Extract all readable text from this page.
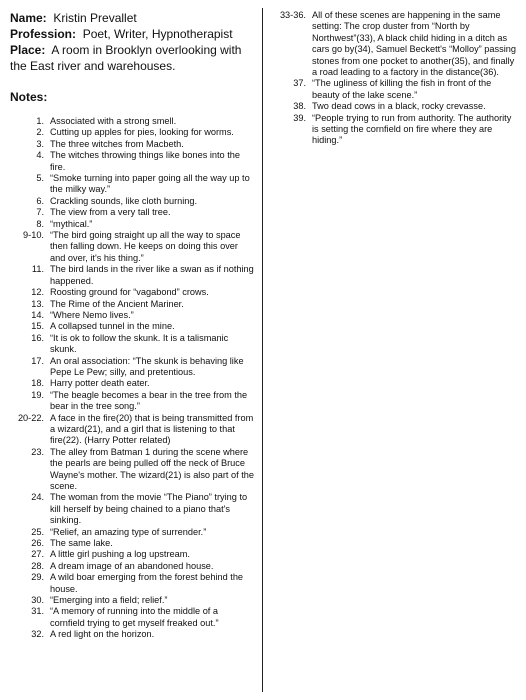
Name: Kristin Prevallet
Profession: Poet, Writer, Hypnotherapist
Place: A room in Brooklyn overlooking with the East river and warehouses.
Notes:
1. Associated with a strong smell.
2. Cutting up apples for pies, looking for worms.
3. The three witches from Macbeth.
4. The witches throwing things like bones into the fire.
5. “Smoke turning into paper going all the way up to the milky way.”
6. Crackling sounds, like cloth burning.
7. The view from a very tall tree.
8. “mythical.”
9-10. “The bird going straight up all the way to space then falling down. He keeps on doing this over and over, it's his thing.”
11. The bird lands in the river like a swan as if nothing happened.
12. Roosting ground for “vagabond” crows.
13. The Rime of the Ancient Mariner.
14. “Where Nemo lives.”
15. A collapsed tunnel in the mine.
16. “It is ok to follow the skunk. It is a talismanic skunk.
17. An oral association: “The skunk is behaving like Pepe Le Pew; silly, and pretentious.
18. Harry potter death eater.
19. “The beagle becomes a bear in the tree from the bear in the tree song.”
20-22. A face in the fire(20) that is being transmitted from a wizard(21), and a girl that is listening to that fire(22). (Harry Potter related)
23. The alley from Batman 1 during the scene where the pearls are being pulled off the neck of Bruce Wayne's mother. The wizard(21) is also part of the scene.
24. The woman from the movie “The Piano” trying to kill herself by being chained to a piano that's sinking.
25. “Relief, an amazing type of surrender.”
26. The same lake.
27. A little girl pushing a log upstream.
28. A dream image of an abandoned house.
29. A wild boar emerging from the forest behind the house.
30. “Emerging into a field; relief.”
31. “A memory of running into the middle of a cornfield trying to get myself freaked out.”
32. A red light on the horizon.
33-36. All of these scenes are happening in the same setting: The crop duster from “North by Northwest”(33), A black child hiding in a ditch as cars go by(34), Samuel Beckett's “Molloy” passing stones from one pocket to another(35), and finally a road leading to a factory in the distance(36).
37. “The ugliness of killing the fish in front of the beauty of the lake scene.”
38. Two dead cows in a black, rocky crevasse.
39. “People trying to run from authority. The authority is setting the cornfield on fire where they are hiding.”
